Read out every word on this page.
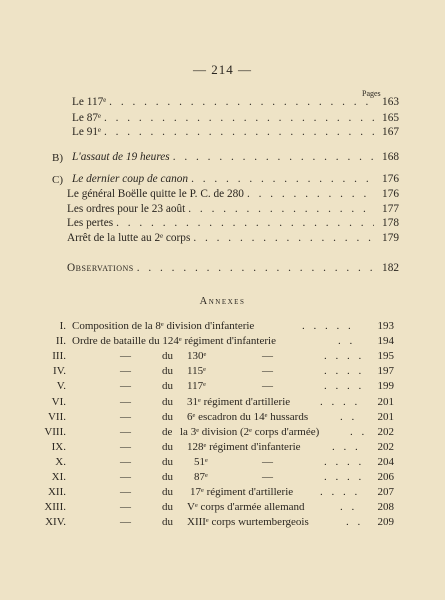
— 214 —
Pages
Le 117ᵉ . . .	163
Le 87ᵉ . . .	165
Le 91ᵉ . . .	167
B) L'assaut de 19 heures . . .	168
C) Le dernier coup de canon . . .	176
Le général Boëlle quitte le P. C. de 280 . . .	176
Les ordres pour le 23 août . . .	177
Les pertes . . .	178
Arrêt de la lutte au 2ᵉ corps . . .	179
Observations . . .	182
Annexes
I. Composition de la 8ᵉ division d'infanterie	. . . . .	193
II. Ordre de bataille du 124ᵉ régiment d'infanterie	. .	194
III.	—	du 130ᵉ	—	. . . .	195
IV.	—	du 115ᵉ	—	. . . .	197
V.	—	du 117ᵉ	—	. . . .	199
VI.	—	du 31ᵉ régiment d'artillerie	. . . .	201
VII.	—	du 6ᵉ escadron du 14ᵉ hussards	. .	201
VIII.	—	de la 3ᵉ division (2ᵉ corps d'armée)	. . 202
IX.	—	du 128ᵉ régiment d'infanterie	. . .	202
X.	—	du 51ᵉ	—	. . . .	204
XI.	—	du 87ᵉ	—	. . . .	206
XII.	—	du 17ᵉ régiment d'artillerie . . . .	207
XIII.	—	du Vᵉ corps d'armée allemand	. .	208
XIV.	—	du XIIIᵉ corps wurtembergeois	. .	209
